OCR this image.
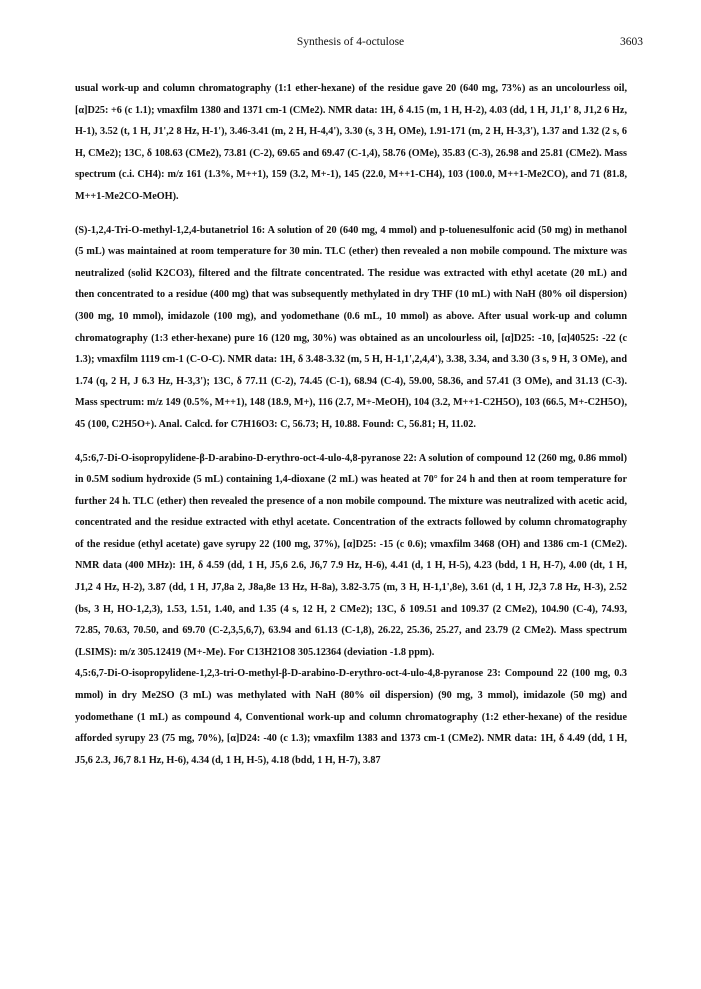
Synthesis of 4-octulose	3603

usual work-up and column chromatography (1:1 ether-hexane) of the residue gave 20 (640 mg, 73%) as an uncolourless oil, [α]D25: +6 (c 1.1); νmaxfilm 1380 and 1371 cm-1 (CMe2). NMR data: 1H, δ 4.15 (m, 1 H, H-2), 4.03 (dd, 1 H, J1,1' 8, J1,2 6 Hz, H-1), 3.52 (t, 1 H, J1',2 8 Hz, H-1'), 3.46-3.41 (m, 2 H, H-4,4'), 3.30 (s, 3 H, OMe), 1.91-171 (m, 2 H, H-3,3'), 1.37 and 1.32 (2 s, 6 H, CMe2); 13C, δ 108.63 (CMe2), 73.81 (C-2), 69.65 and 69.47 (C-1,4), 58.76 (OMe), 35.83 (C-3), 26.98 and 25.81 (CMe2). Mass spectrum (c.i. CH4): m/z 161 (1.3%, M++1), 159 (3.2, M+-1), 145 (22.0, M++1-CH4), 103 (100.0, M++1-Me2CO), and 71 (81.8, M++1-Me2CO-MeOH).

(S)-1,2,4-Tri-O-methyl-1,2,4-butanetriol 16: A solution of 20 (640 mg, 4 mmol) and p-toluenesulfonic acid (50 mg) in methanol (5 mL) was maintained at room temperature for 30 min. TLC (ether) then revealed a non mobile compound. The mixture was neutralized (solid K2CO3), filtered and the filtrate concentrated. The residue was extracted with ethyl acetate (20 mL) and then concentrated to a residue (400 mg) that was subsequently methylated in dry THF (10 mL) with NaH (80% oil dispersion) (300 mg, 10 mmol), imidazole (100 mg), and yodomethane (0.6 mL, 10 mmol) as above. After usual work-up and column chromatography (1:3 ether-hexane) pure 16 (120 mg, 30%) was obtained as an uncolourless oil, [α]D25: -10, [α]40525: -22 (c 1.3); νmaxfilm 1119 cm-1 (C-O-C). NMR data: 1H, δ 3.48-3.32 (m, 5 H, H-1,1',2,4,4'), 3.38, 3.34, and 3.30 (3 s, 9 H, 3 OMe), and 1.74 (q, 2 H, J 6.3 Hz, H-3,3'); 13C, δ 77.11 (C-2), 74.45 (C-1), 68.94 (C-4), 59.00, 58.36, and 57.41 (3 OMe), and 31.13 (C-3). Mass spectrum: m/z 149 (0.5%, M++1), 148 (18.9, M+), 116 (2.7, M+-MeOH), 104 (3.2, M++1-C2H5O), 103 (66.5, M+-C2H5O), 45 (100, C2H5O+). Anal. Calcd. for C7H16O3: C, 56.73; H, 10.88. Found: C, 56.81; H, 11.02.

4,5:6,7-Di-O-isopropylidene-β-D-arabino-D-erythro-oct-4-ulo-4,8-pyranose 22: A solution of compound 12 (260 mg, 0.86 mmol) in 0.5M sodium hydroxide (5 mL) containing 1,4-dioxane (2 mL) was heated at 70° for 24 h and then at room temperature for further 24 h. TLC (ether) then revealed the presence of a non mobile compound. The mixture was neutralized with acetic acid, concentrated and the residue extracted with ethyl acetate. Concentration of the extracts followed by column chromatography of the residue (ethyl acetate) gave syrupy 22 (100 mg, 37%), [α]D25: -15 (c 0.6); νmaxfilm 3468 (OH) and 1386 cm-1 (CMe2). NMR data (400 MHz): 1H, δ 4.59 (dd, 1 H, J5,6 2.6, J6,7 7.9 Hz, H-6), 4.41 (d, 1 H, H-5), 4.23 (bdd, 1 H, H-7), 4.00 (dt, 1 H, J1,2 4 Hz, H-2), 3.87 (dd, 1 H, J7,8a 2, J8a,8e 13 Hz, H-8a), 3.82-3.75 (m, 3 H, H-1,1',8e), 3.61 (d, 1 H, J2,3 7.8 Hz, H-3), 2.52 (bs, 3 H, HO-1,2,3), 1.53, 1.51, 1.40, and 1.35 (4 s, 12 H, 2 CMe2); 13C, δ 109.51 and 109.37 (2 CMe2), 104.90 (C-4), 74.93, 72.85, 70.63, 70.50, and 69.70 (C-2,3,5,6,7), 63.94 and 61.13 (C-1,8), 26.22, 25.36, 25.27, and 23.79 (2 CMe2). Mass spectrum (LSIMS): m/z 305.12419 (M+-Me). For C13H21O8 305.12364 (deviation -1.8 ppm).

4,5:6,7-Di-O-isopropylidene-1,2,3-tri-O-methyl-β-D-arabino-D-erythro-oct-4-ulo-4,8-pyranose 23: Compound 22 (100 mg, 0.3 mmol) in dry Me2SO (3 mL) was methylated with NaH (80% oil dispersion) (90 mg, 3 mmol), imidazole (50 mg) and yodomethane (1 mL) as compound 4, Conventional work-up and column chromatography (1:2 ether-hexane) of the residue afforded syrupy 23 (75 mg, 70%), [α]D24: -40 (c 1.3); νmaxfilm 1383 and 1373 cm-1 (CMe2). NMR data: 1H, δ 4.49 (dd, 1 H, J5,6 2.3, J6,7 8.1 Hz, H-6), 4.34 (d, 1 H, H-5), 4.18 (bdd, 1 H, H-7), 3.87
